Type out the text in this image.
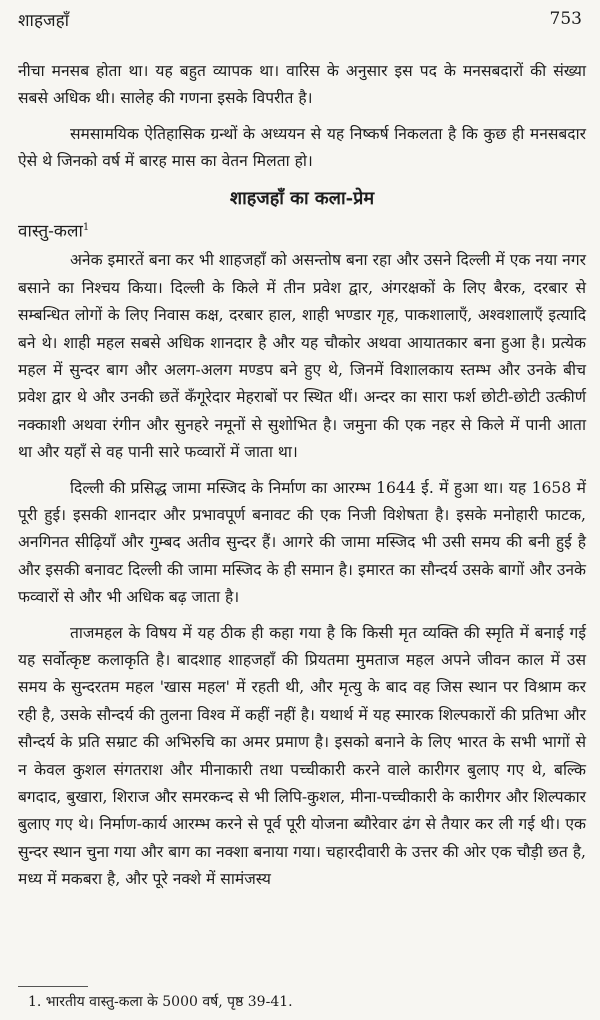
शाहजहाँ	753

नीचा मनसब होता था। यह बहुत व्यापक था। वारिस के अनुसार इस पद के मनसबदारों की संख्या सबसे अधिक थी। सालेह की गणना इसके विपरीत है।

समसामयिक ऐतिहासिक ग्रन्थों के अध्ययन से यह निष्कर्ष निकलता है कि कुछ ही मनसबदार ऐसे थे जिनको वर्ष में बारह मास का वेतन मिलता हो।

शाहजहाँ का कला-प्रेम
वास्तु-कला$^1$

अनेक इमारतें बना कर भी शाहजहाँ को असन्तोष बना रहा और उसने दिल्ली में एक नया नगर बसाने का निश्चय किया। दिल्ली के किले में तीन प्रवेश द्वार, अंगरक्षकों के लिए बैरक, दरबार से सम्बन्धित लोगों के लिए निवास कक्ष, दरबार हाल, शाही भण्डार गृह, पाकशालाएँ, अश्वशालाएँ इत्यादि बने थे। शाही महल सबसे अधिक शानदार है और यह चौकोर अथवा आयातकार बना हुआ है। प्रत्येक महल में सुन्दर बाग और अलग-अलग मण्डप बने हुए थे, जिनमें विशालकाय स्तम्भ और उनके बीच प्रवेश द्वार थे और उनकी छतें कँगूरेदार मेहराबों पर स्थित थीं। अन्दर का सारा फर्श छोटी-छोटी उत्कीर्ण नक्काशी अथवा रंगीन और सुनहरे नमूनों से सुशोभित है। जमुना की एक नहर से किले में पानी आता था और यहाँ से वह पानी सारे फव्वारों में जाता था।

दिल्ली की प्रसिद्ध जामा मस्जिद के निर्माण का आरम्भ 1644 ई. में हुआ था। यह 1658 में पूरी हुई। इसकी शानदार और प्रभावपूर्ण बनावट की एक निजी विशेषता है। इसके मनोहारी फाटक, अनगिनत सीढ़ियाँ और गुम्बद अतीव सुन्दर हैं। आगरे की जामा मस्जिद भी उसी समय की बनी हुई है और इसकी बनावट दिल्ली की जामा मस्जिद के ही समान है। इमारत का सौन्दर्य उसके बागों और उनके फव्वारों से और भी अधिक बढ़ जाता है।

ताजमहल के विषय में यह ठीक ही कहा गया है कि किसी मृत व्यक्ति की स्मृति में बनाई गई यह सर्वोत्कृष्ट कलाकृति है। बादशाह शाहजहाँ की प्रियतमा मुमताज महल अपने जीवन काल में उस समय के सुन्दरतम महल 'खास महल' में रहती थी, और मृत्यु के बाद वह जिस स्थान पर विश्राम कर रही है, उसके सौन्दर्य की तुलना विश्व में कहीं नहीं है। यथार्थ में यह स्मारक शिल्पकारों की प्रतिभा और सौन्दर्य के प्रति सम्राट की अभिरुचि का अमर प्रमाण है। इसको बनाने के लिए भारत के सभी भागों से न केवल कुशल संगतराश और मीनाकारी तथा पच्चीकारी करने वाले कारीगर बुलाए गए थे, बल्कि बगदाद, बुखारा, शिराज और समरकन्द से भी लिपि-कुशल, मीना-पच्चीकारी के कारीगर और शिल्पकार बुलाए गए थे। निर्माण-कार्य आरम्भ करने से पूर्व पूरी योजना ब्यौरेवार ढंग से तैयार कर ली गई थी। एक सुन्दर स्थान चुना गया और बाग का नक्शा बनाया गया। चहारदीवारी के उत्तर की ओर एक चौड़ी छत है, मध्य में मकबरा है, और पूरे नक्शे में सामंजस्य

1. भारतीय वास्तु-कला के 5000 वर्ष, पृष्ठ 39-41.
